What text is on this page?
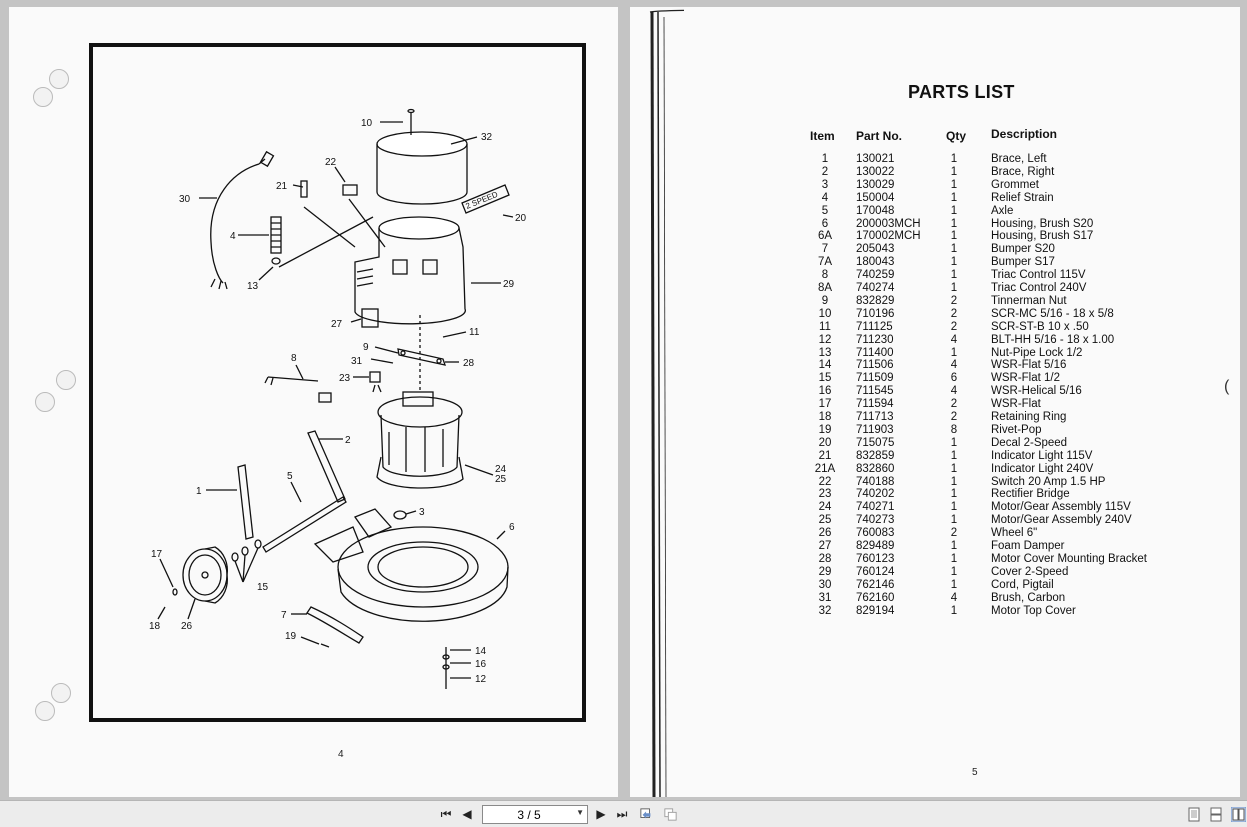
10
32
22
21
30
20
4
13	29
27
11
9
31	28
8
23
2
24
25
1
5
3
6
17
15
18 26
7
19
14
16
12
2 SPEED
4
PARTS LIST
Item Part No.	Qty Description
1	130021	1	Brace, Left
2	130022	1	Brace, Right
3	130029	1	Grommet
4	150004	1	Relief Strain
5	170048	1	Axle
6	200003MCH	1	Housing, Brush S20
6A	170002MCH	1	Housing, Brush S17
7	205043	1	Bumper S20
7A	180043	1	Bumper S17
8	740259	1	Triac Control 115V
8A	740274	1	Triac Control 240V
9	832829	2	Tinnerman Nut
10	710196	2	SCR-MC 5/16 - 18 x 5/8
11	711125	2	SCR-ST-B 10 x .50
12	711230	4	BLT-HH 5/16 - 18 x 1.00
13	711400	1	Nut-Pipe Lock 1/2
14	711506	4	WSR-Flat 5/16
15	711509	6	WSR-Flat 1/2
16	711545	4	WSR-Helical 5/16
17	711594	2	WSR-Flat
18	711713	2	Retaining Ring
19	711903	8	Rivet-Pop
20	715075	1	Decal 2-Speed
21	832859	1	Indicator Light 115V
21A	832860	1	Indicator Light 240V
22	740188	1	Switch 20 Amp 1.5 HP
23	740202	1	Rectifier Bridge
24	740271	1	Motor/Gear Assembly 115V
25	740273	1	Motor/Gear Assembly 240V
26	760083	2	Wheel 6"
27	829489	1	Foam Damper
28	760123	1	Motor Cover Mounting Bracket
29	760124	1	Cover 2-Speed
30	762146	1	Cord, Pigtail
31	762160	4	Brush, Carbon
32	829194	1	Motor Top Cover
5
(
⏮ ◀	3 / 5	▼ ▶ ⏭
